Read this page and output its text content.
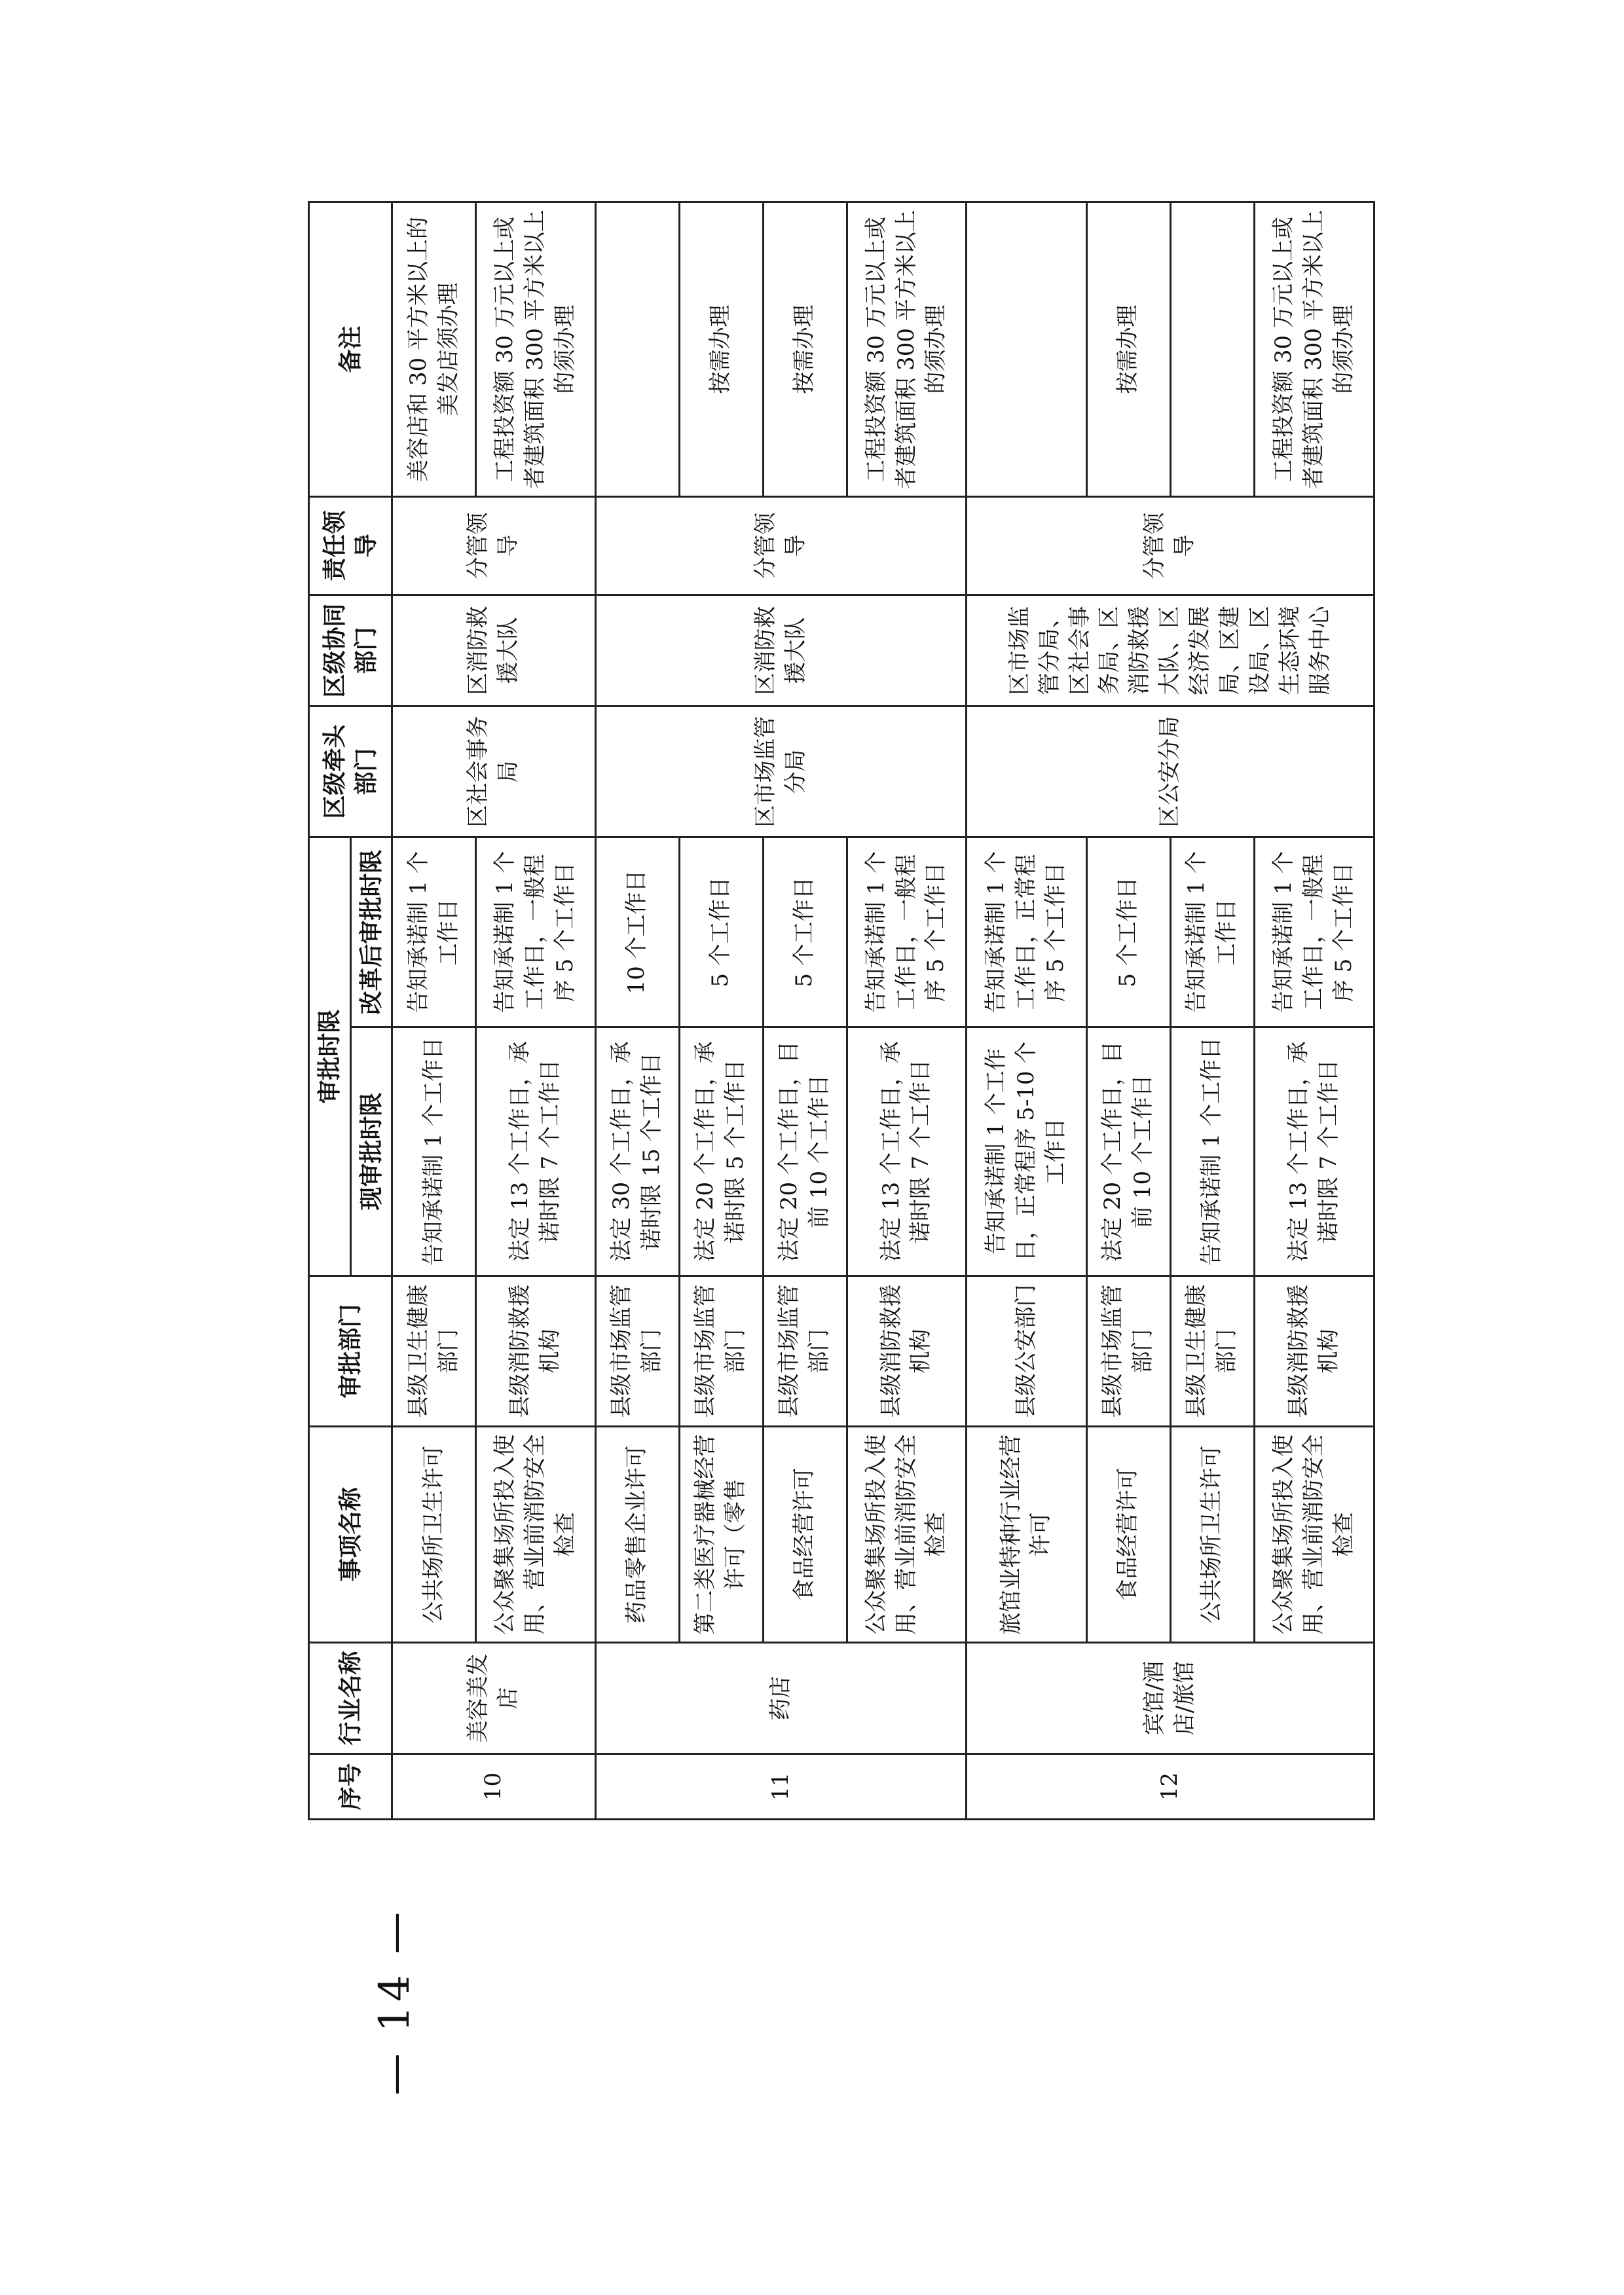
序号	行业名称	事项名称	审批部门	审批时限		区级牵头部门	区级协同部门	责任领导	备注
				现审批时限	改革后审批时限				
10	美容美发店	公共场所卫生许可	县级卫生健康部门	告知承诺制 1 个工作日	告知承诺制 1 个工作日	区社会事务局	区消防救援大队	分管领导	美容店和 30 平方米以上的美发店须办理
		公众聚集场所投入使用、营业前消防安全检查	县级消防救援机构	法定 13 个工作日，承诺时限 7 个工作日	告知承诺制 1 个工作日，一般程序 5 个工作日				工程投资额 30 万元以上或者建筑面积 300 平方米以上的须办理
11	药店	药品零售企业许可	县级市场监管部门	法定 30 个工作日，承诺时限 15 个工作日	10 个工作日	区市场监管分局	区消防救援大队	分管领导	
		第二类医疗器械经营许可（零售	县级市场监管部门	法定 20 个工作日，承诺时限 5 个工作日	5 个工作日				按需办理
		食品经营许可	县级市场监管部门	法定 20 个工作日，目前 10 个工作日	5 个工作日				按需办理
		公众聚集场所投入使用、营业前消防安全检查	县级消防救援机构	法定 13 个工作日，承诺时限 7 个工作日	告知承诺制 1 个工作日，一般程序 5 个工作日				工程投资额 30 万元以上或者建筑面积 300 平方米以上的须办理
12	宾馆/酒店/旅馆	旅馆业特种行业经营许可	县级公安部门	告知承诺制 1 个工作日，正常程序 5-10 个工作日	告知承诺制 1 个工作日，正常程序 5 个工作日	区公安分局	区市场监管分局、区社会事务局、区消防救援大队、区经济发展局、区建设局、区生态环境服务中心	分管领导	
		食品经营许可	县级市场监管部门	法定 20 个工作日，目前 10 个工作日	5 个工作日				按需办理
		公共场所卫生许可	县级卫生健康部门	告知承诺制 1 个工作日	告知承诺制 1 个工作日				
		公众聚集场所投入使用、营业前消防安全检查	县级消防救援机构	法定 13 个工作日，承诺时限 7 个工作日	告知承诺制 1 个工作日，一般程序 5 个工作日				工程投资额 30 万元以上或者建筑面积 300 平方米以上的须办理
— 14 —
